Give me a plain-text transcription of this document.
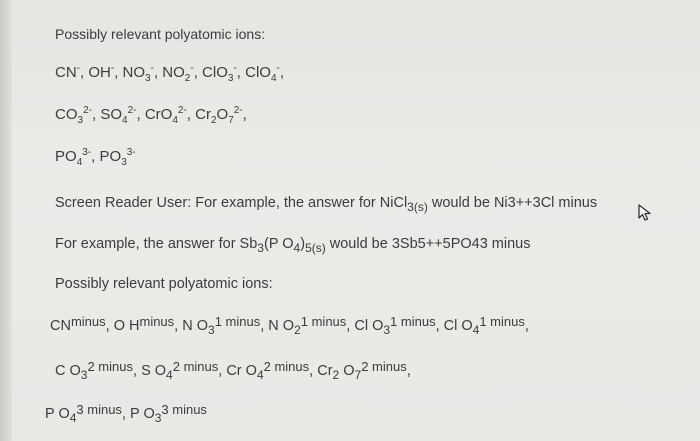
Possibly relevant polyatomic ions:
CN-, OH-, $NO_3^-$, $NO_2^-$, ClO$_3$-, ClO$_4$-,
$CO_3^{2-}$, $SO_4^{2-}$, CrO$_4^{2-}$, $Cr_2O_7^{2-}$,
$PO_4^{3-}$, $PO_3^{3-}$
Screen Reader User: For example, the answer for NiCl$_{3(s)}$ would be Ni3++3Cl minus
For example, the answer for $Sb_3(P$ $O_4)_{5(s)}$ would be 3Sb5++5PO43 minus
Possibly relevant polyatomic ions:
CNminus, O Hminus, N $O_31$ minus, N $O_21$ minus, Cl $O_31$ minus, Cl $O_41$ minus,
C $O_32$ minus, S $O_42$ minus, Cr $O_42$ minus, $Cr_2$ $O_72$ minus,
P $O_43$ minus, P $O_33$ minus
